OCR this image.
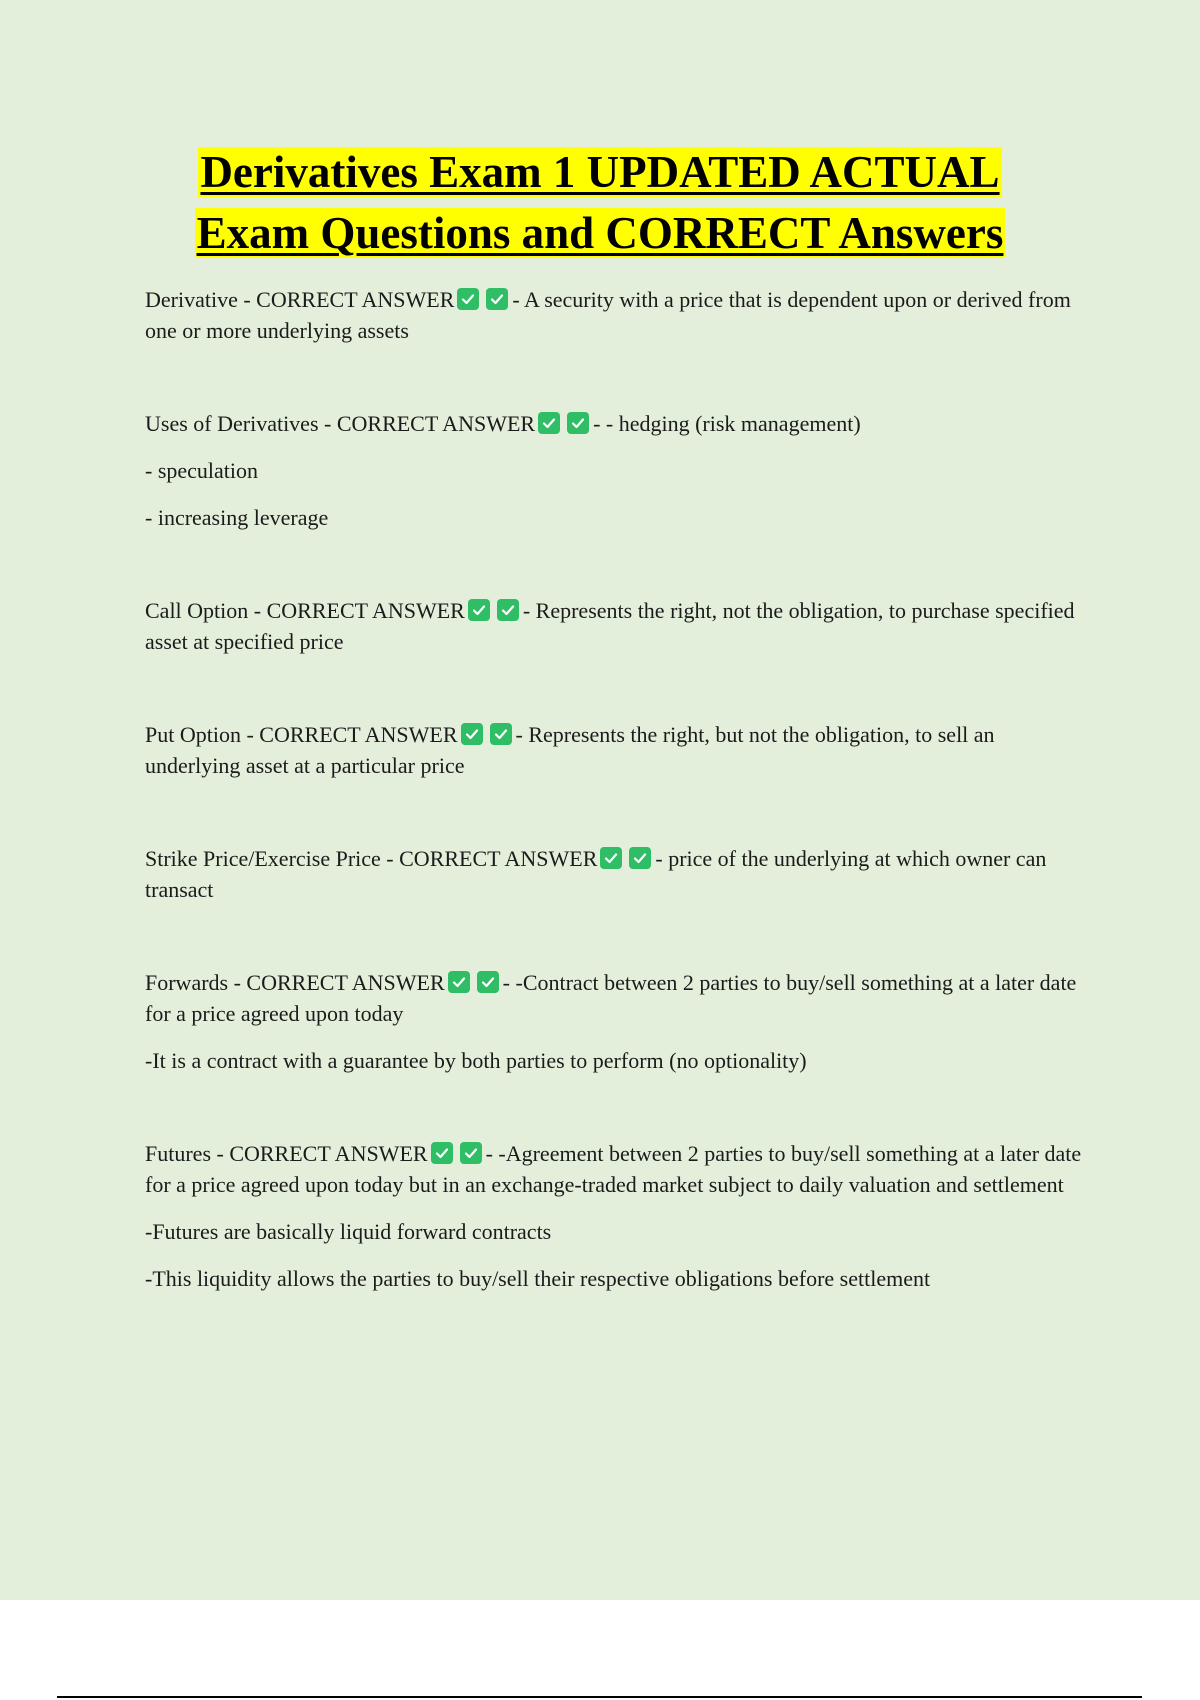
Derivatives Exam 1 UPDATED ACTUAL
Exam Questions and CORRECT Answers

Derivative - CORRECT ANSWER	- A security with a price that is dependent upon or derived from one or more underlying assets

Uses of Derivatives - CORRECT ANSWER	- - hedging (risk management)

- speculation

- increasing leverage

Call Option - CORRECT ANSWER	- Represents the right, not the obligation, to purchase specified asset at specified price

Put Option - CORRECT ANSWER	- Represents the right, but not the obligation, to sell an underlying asset at a particular price

Strike Price/Exercise Price - CORRECT ANSWER	- price of the underlying at which owner can transact

Forwards - CORRECT ANSWER	- -Contract between 2 parties to buy/sell something at a later date for a price agreed upon today

-It is a contract with a guarantee by both parties to perform (no optionality)

Futures - CORRECT ANSWER	- -Agreement between 2 parties to buy/sell something at a later date for a price agreed upon today but in an exchange-traded market subject to daily valuation and settlement

-Futures are basically liquid forward contracts

-This liquidity allows the parties to buy/sell their respective obligations before settlement
